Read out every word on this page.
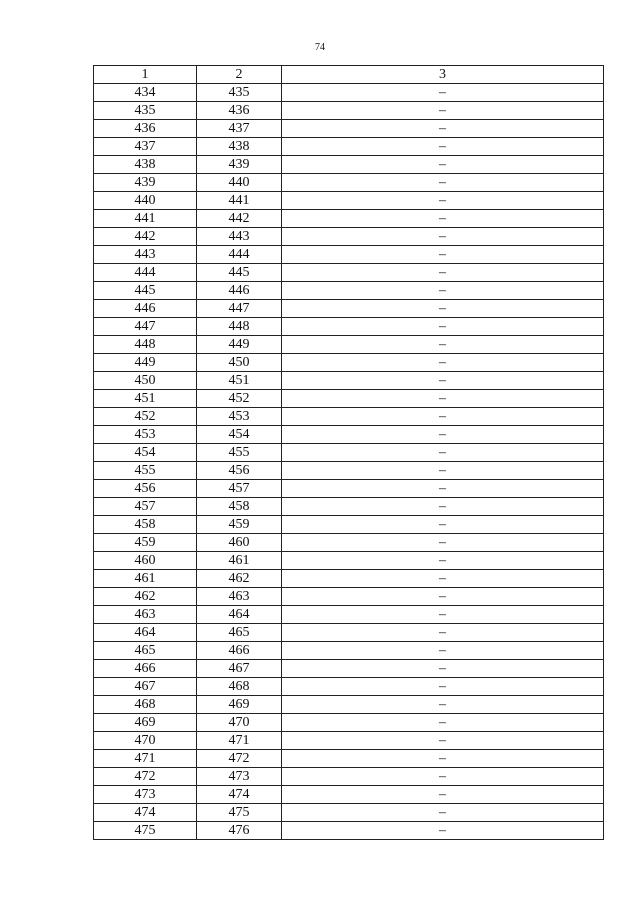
74
1	2	3
434	435	–
435	436	–
436	437	–
437	438	–
438	439	–
439	440	–
440	441	–
441	442	–
442	443	–
443	444	–
444	445	–
445	446	–
446	447	–
447	448	–
448	449	–
449	450	–
450	451	–
451	452	–
452	453	–
453	454	–
454	455	–
455	456	–
456	457	–
457	458	–
458	459	–
459	460	–
460	461	–
461	462	–
462	463	–
463	464	–
464	465	–
465	466	–
466	467	–
467	468	–
468	469	–
469	470	–
470	471	–
471	472	–
472	473	–
473	474	–
474	475	–
475	476	–
